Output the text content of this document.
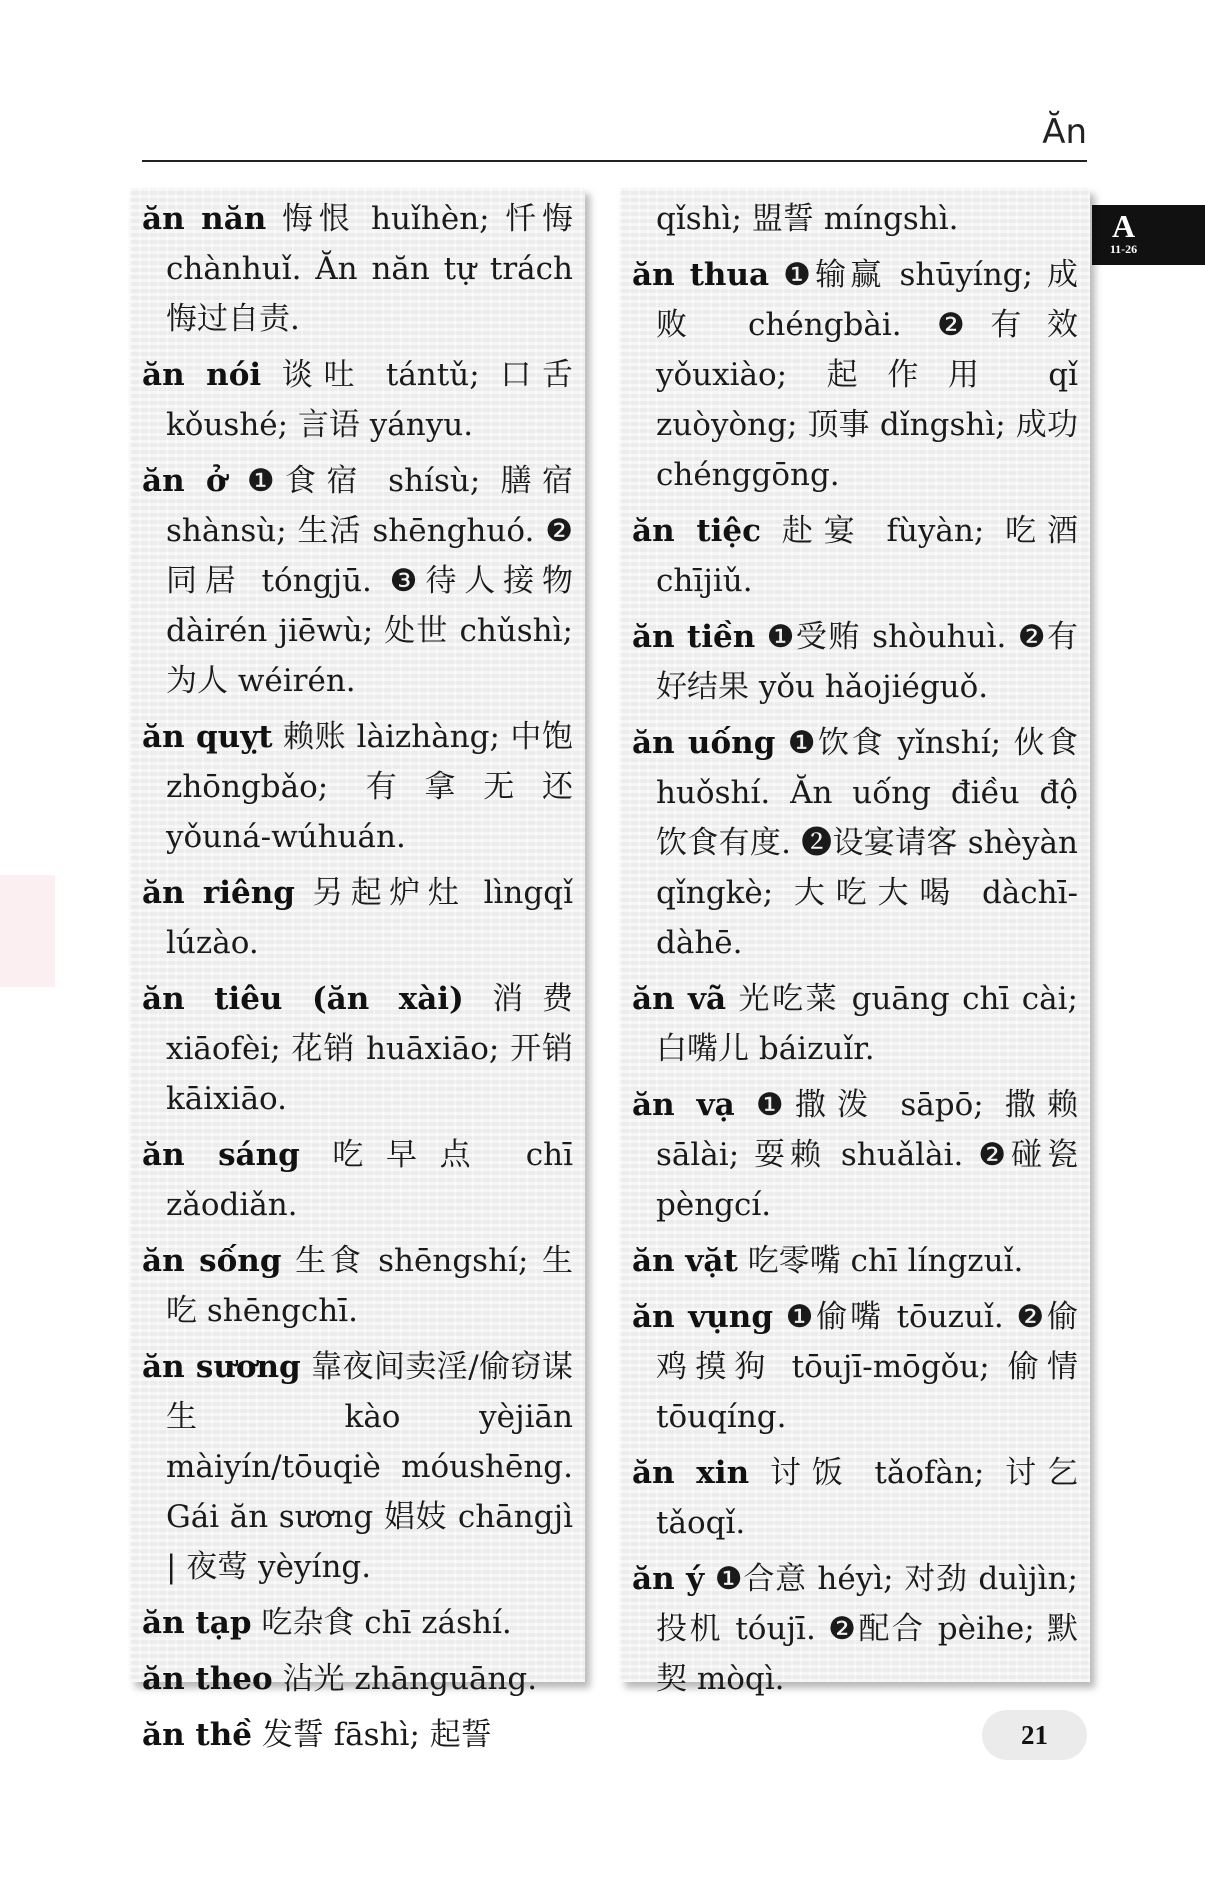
Ăn
A
11-26

ăn năn 悔恨 huǐhèn; 忏悔 chànhuǐ. Ăn năn tự trách 悔过自责.

ăn nói 谈吐 tántǔ; 口舌 kǒushé; 言语 yányu.

ăn ở ❶食宿 shísù; 膳宿 shànsù; 生活 shēnghuó. ❷同居 tóngjū. ❸待人接物 dàirén jiēwù; 处世 chǔshì; 为人 wéirén.

ăn quỵt 赖账 làizhàng; 中饱 zhōngbǎo; 有拿无还 yǒuná-wúhuán.

ăn riêng 另起炉灶 lìngqǐ lúzào.

ăn tiêu (ăn xài) 消费 xiāofèi; 花销 huāxiāo; 开销 kāixiāo.

ăn sáng 吃早点 chī zǎodiǎn.

ăn sống 生食 shēngshí; 生吃 shēngchī.

ăn sương 靠夜间卖淫/偷窃谋生 kào yèjiān màiyín/tōuqiè móushēng. Gái ăn sương 娼妓 chāngjì | 夜莺 yèyíng.

ăn tạp 吃杂食 chī záshí.

ăn theo 沾光 zhānguāng.

ăn thề 发誓 fāshì; 起誓

qǐshì; 盟誓 míngshì.

ăn thua ❶输赢 shūyíng; 成败 chéngbài. ❷有效 yǒuxiào; 起作用 qǐ zuòyòng; 顶事 dǐngshì; 成功 chénggōng.

ăn tiệc 赴宴 fùyàn; 吃酒 chījiǔ.

ăn tiền ❶受贿 shòuhuì. ❷有好结果 yǒu hǎojiéguǒ.

ăn uống ❶饮食 yǐnshí; 伙食 huǒshí. Ăn uống điều độ 饮食有度. ❷设宴请客 shèyàn qǐngkè; 大吃大喝 dàchī-dàhē.

ăn vã 光吃菜 guāng chī cài; 白嘴儿 báizuǐr.

ăn vạ ❶撒泼 sāpō; 撒赖 sālài; 耍赖 shuǎlài. ❷碰瓷 pèngcí.

ăn vặt 吃零嘴 chī língzuǐ.

ăn vụng ❶偷嘴 tōuzuǐ. ❷偷鸡摸狗 tōujī-mōgǒu; 偷情 tōuqíng.

ăn xin 讨饭 tǎofàn; 讨乞 tǎoqǐ.

ăn ý ❶合意 héyì; 对劲 duìjìn; 投机 tóujī. ❷配合 pèihe; 默契 mòqì.

21
